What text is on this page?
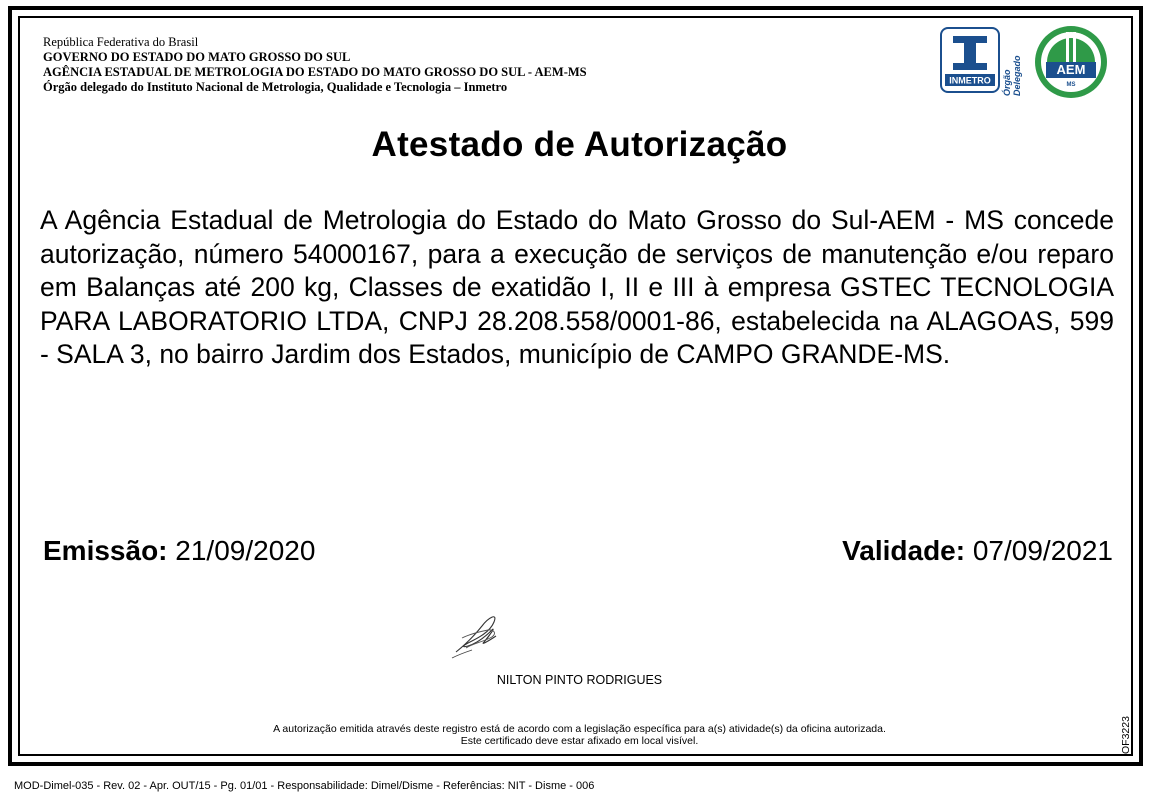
República Federativa do Brasil
GOVERNO DO ESTADO DO MATO GROSSO DO SUL
AGÊNCIA ESTADUAL DE METROLOGIA DO ESTADO DO MATO GROSSO DO SUL - AEM-MS
Órgão delegado do Instituto Nacional de Metrologia, Qualidade e Tecnologia – Inmetro	INMETRO Órgão Delegado	AEM
MS
Atestado de Autorização
A Agência Estadual de Metrologia do Estado do Mato Grosso do Sul-AEM - MS concede autorização, número 54000167, para a execução de serviços de manutenção e/ou reparo em Balanças até 200 kg, Classes de exatidão I, II e III à empresa GSTEC TECNOLOGIA PARA LABORATORIO LTDA, CNPJ 28.208.558/0001-86, estabelecida na ALAGOAS, 599 - SALA 3, no bairro Jardim dos Estados, município de CAMPO GRANDE-MS.
Emissão: 21/09/2020	Validade: 07/09/2021
NILTON PINTO RODRIGUES
A autorização emitida através deste registro está de acordo com a legislação específica para a(s) atividade(s) da oficina autorizada.
Este certificado deve estar afixado em local visível.	OF3223
MOD-Dimel-035 - Rev. 02 - Apr. OUT/15 - Pg. 01/01 - Responsabilidade: Dimel/Disme - Referências: NIT - Disme - 006
